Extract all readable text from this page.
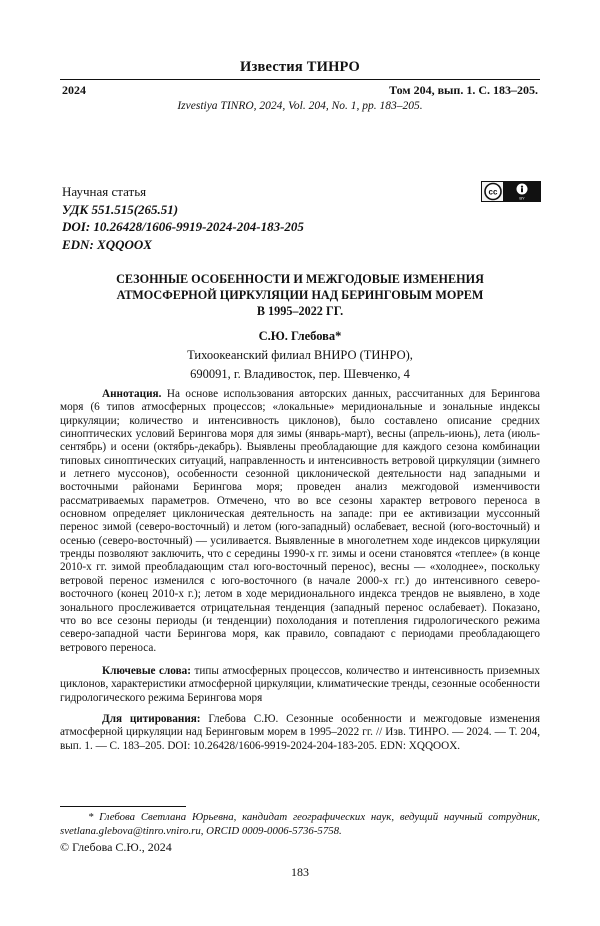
Известия ТИНРО
2024	Том 204, вып. 1. С. 183–205.
Izvestiya TINRO, 2024, Vol. 204, No. 1, pp. 183–205.
Научная статья
УДК 551.515(265.51)
DOI: 10.26428/1606-9919-2024-204-183-205
EDN: XQQOOX
cc
BY
СЕЗОННЫЕ ОСОБЕННОСТИ И МЕЖГОДОВЫЕ ИЗМЕНЕНИЯ
АТМОСФЕРНОЙ ЦИРКУЛЯЦИИ НАД БЕРИНГОВЫМ МОРЕМ
В 1995–2022 ГГ.
С.Ю. Глебова*
Тихоокеанский филиал ВНИРО (ТИНРО),
690091, г. Владивосток, пер. Шевченко, 4
Аннотация. На основе использования авторских данных, рассчитанных для Берингова моря (6 типов атмосферных процессов; «локальные» меридиональные и зональные индексы циркуляции; количество и интенсивность циклонов), было составлено описание средних синоптических условий Берингова моря для зимы (январь-март), весны (апрель-июнь), лета (июль-сентябрь) и осени (октябрь-декабрь). Выявлены преобладающие для каждого сезона комбинации типовых синоптических ситуаций, направленность и интенсивность ветровой циркуляции (зимнего и летнего муссонов), особенности сезонной циклонической деятельности над западными и восточными районами Берингова моря; проведен анализ межгодовой изменчивости рассматриваемых параметров. Отмечено, что во все сезоны характер ветрового переноса в основном определяет циклоническая деятельность на западе: при ее активизации муссонный перенос зимой (северо-восточный) и летом (юго-западный) ослабевает, весной (юго-восточный) и осенью (северо-восточный) — усиливается. Выявленные в многолетнем ходе индексов циркуляции тренды позволяют заключить, что с середины 1990-х гг. зимы и осени становятся «теплее» (в конце 2010-х гг. зимой преобладающим стал юго-восточный перенос), весны — «холоднее», поскольку ветровой перенос изменился с юго-восточного (в начале 2000-х гг.) до интенсивного северо-восточного (конец 2010-х г.); летом в ходе меридионального индекса трендов не выявлено, в ходе зонального прослеживается отрицательная тенденция (западный перенос ослабевает). Показано, что во все сезоны периоды (и тенденции) похолодания и потепления гидрологического режима северо-западной части Берингова моря, как правило, совпадают с периодами преобладающего ветрового переноса.
Ключевые слова: типы атмосферных процессов, количество и интенсивность приземных циклонов, характеристики атмосферной циркуляции, климатические тренды, сезонные особенности гидрологического режима Берингова моря
Для цитирования: Глебова С.Ю. Сезонные особенности и межгодовые изменения атмосферной циркуляции над Беринговым морем в 1995–2022 гг. // Изв. ТИНРО. — 2024. — Т. 204, вып. 1. — С. 183–205. DOI: 10.26428/1606-9919-2024-204-183-205. EDN: XQQOOX.
* Глебова Светлана Юрьевна, кандидат географических наук, ведущий научный сотрудник, svetlana.glebova@tinro.vniro.ru, ORCID 0009-0006-5736-5758.
© Глебова С.Ю., 2024
183
